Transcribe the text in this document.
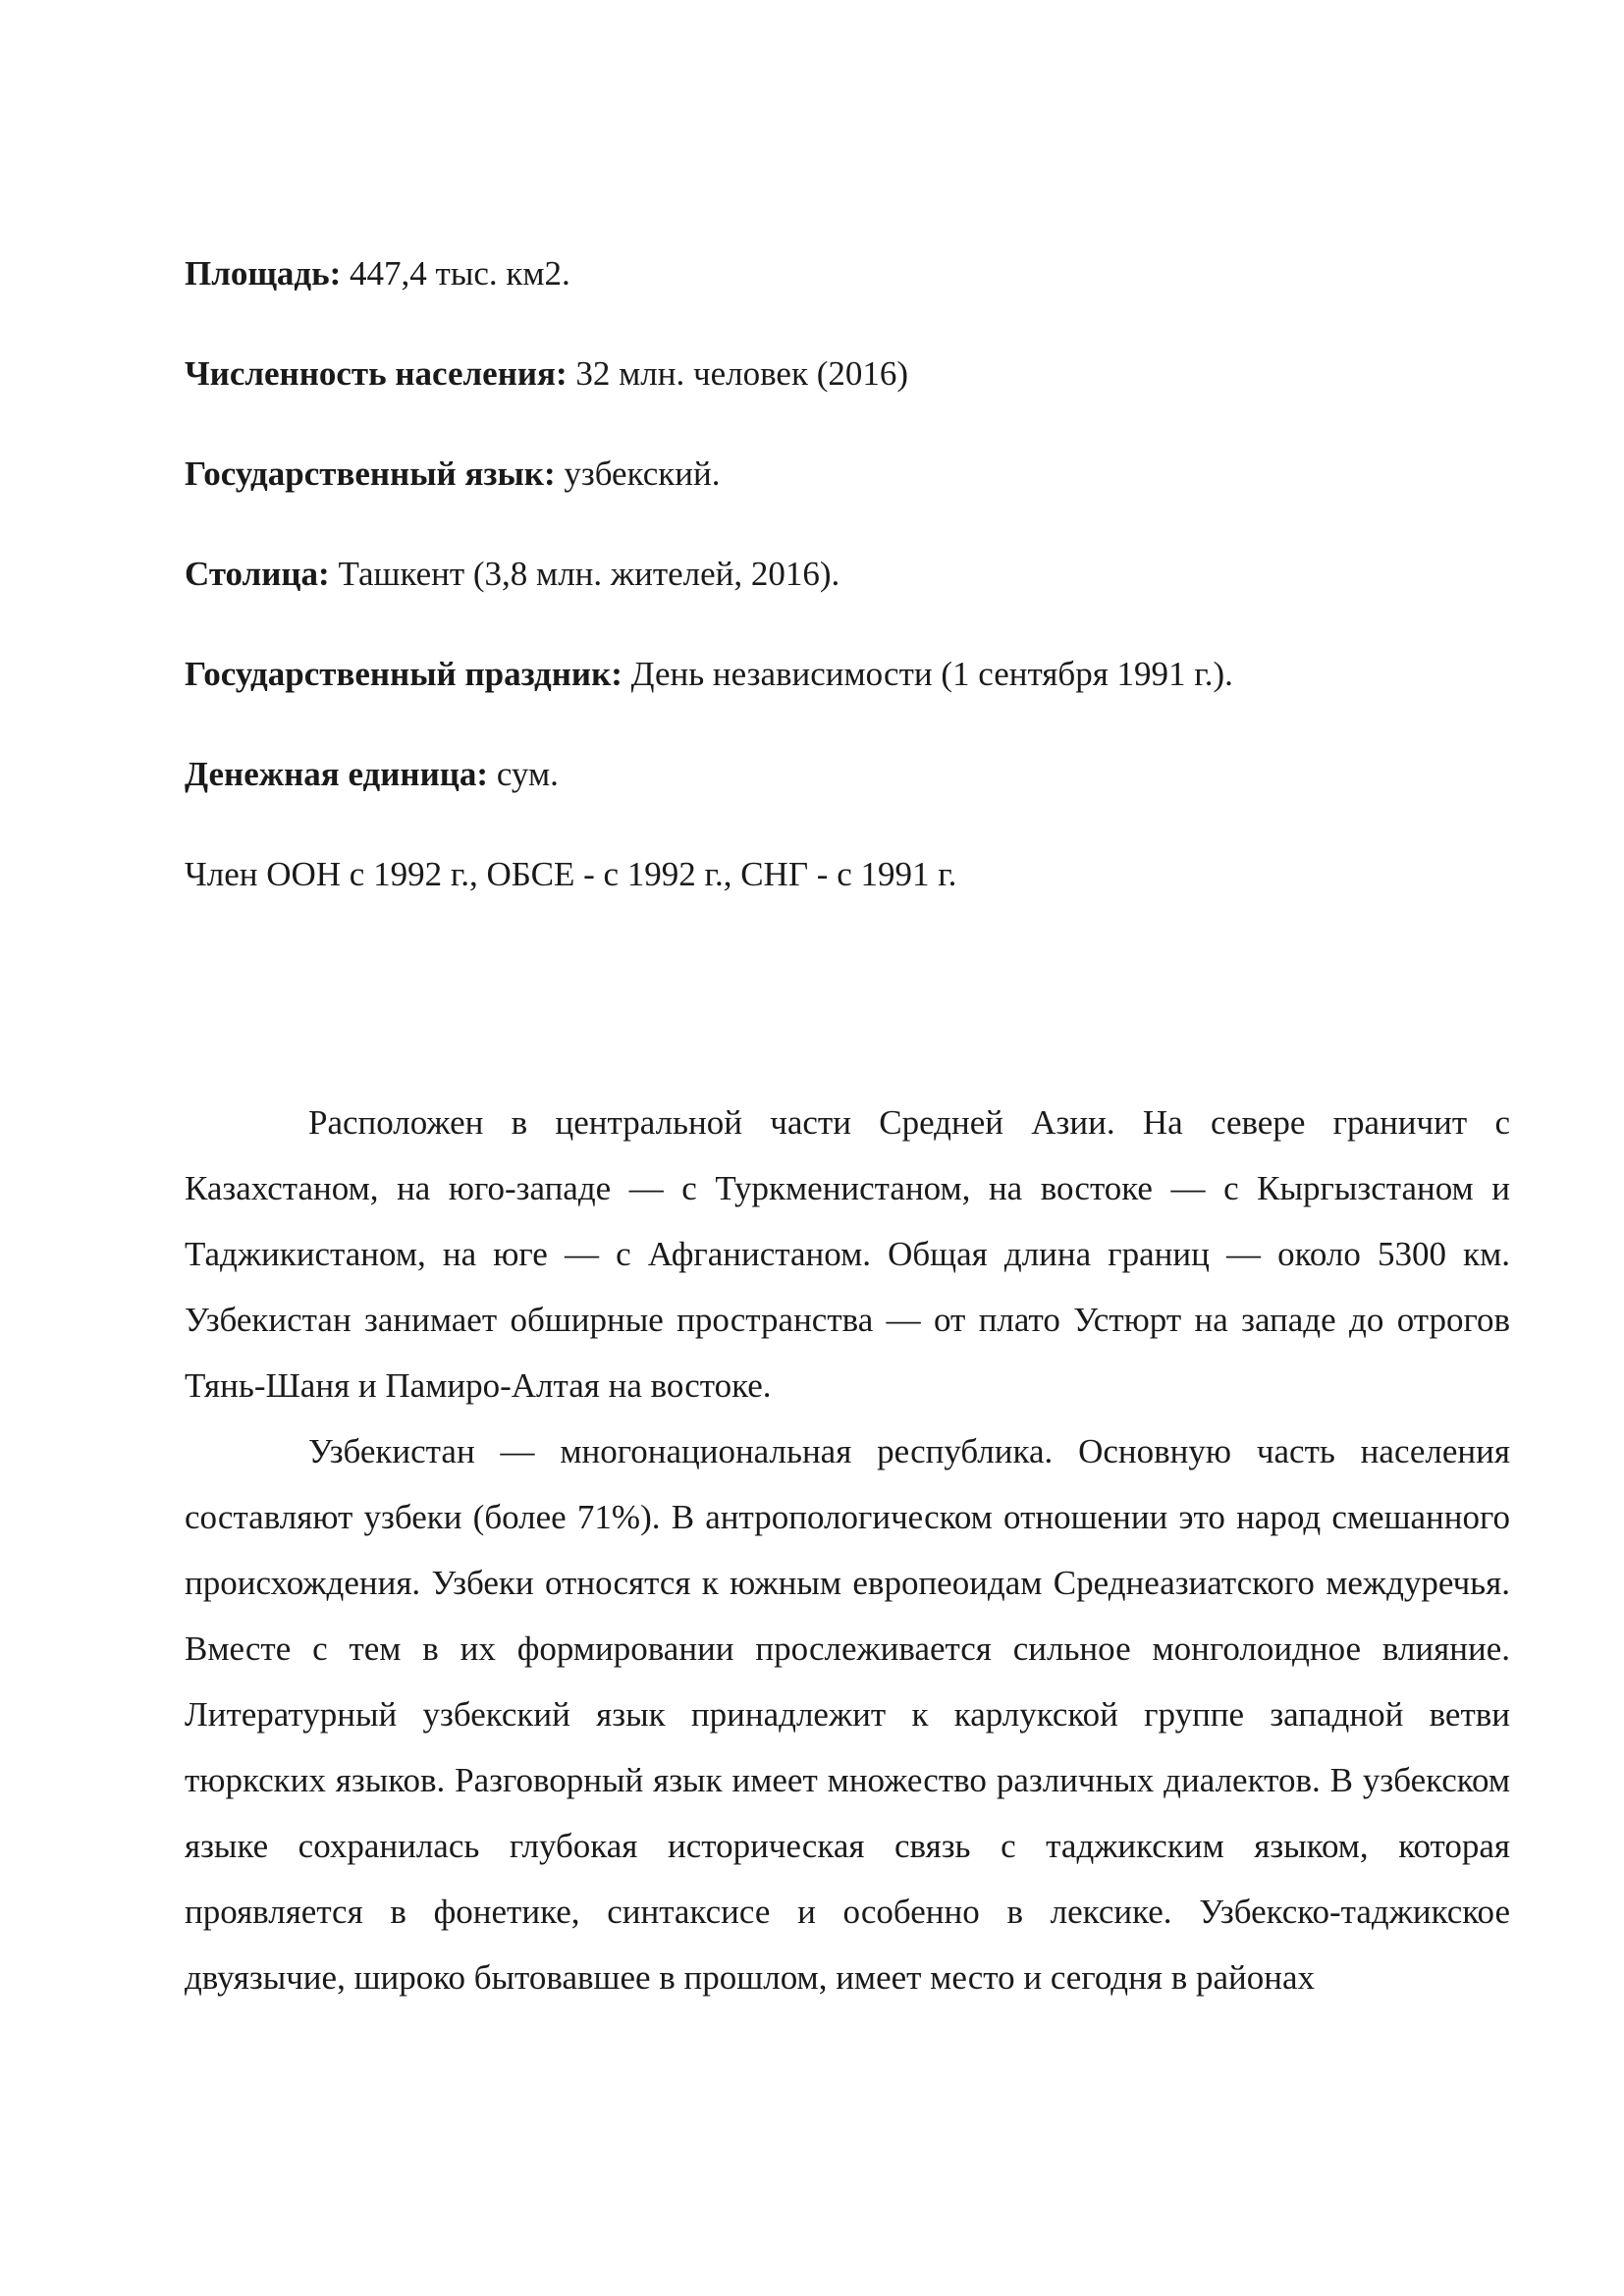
Площадь: 447,4 тыс. км2.

Численность населения: 32 млн. человек (2016)

Государственный язык: узбекский.

Столица: Ташкент (3,8 млн. жителей, 2016).

Государственный праздник: День независимости (1 сентября 1991 г.).

Денежная единица: сум.

Член ООН с 1992 г., ОБСЕ - с 1992 г., СНГ - с 1991 г.

Расположен в центральной части Средней Азии. На севере граничит с Казахстаном, на юго-западе — с Туркменистаном, на востоке — с Кыргызстаном и Таджикистаном, на юге — с Афганистаном. Общая длина границ — около 5300 км. Узбекистан занимает обширные пространства — от плато Устюрт на западе до отрогов Тянь-Шаня и Памиро-Алтая на востоке.

Узбекистан — многонациональная республика. Основную часть населения составляют узбеки (более 71%). В антропологическом отношении это народ смешанного происхождения. Узбеки относятся к южным европеоидам Среднеазиатского междуречья. Вместе с тем в их формировании прослеживается сильное монголоидное влияние. Литературный узбекский язык принадлежит к карлукской группе западной ветви тюркских языков. Разговорный язык имеет множество различных диалектов. В узбекском языке сохранилась глубокая историческая связь с таджикским языком, которая проявляется в фонетике, синтаксисе и особенно в лексике. Узбекско-таджикское двуязычие, широко бытовавшее в прошлом, имеет место и сегодня в районах
